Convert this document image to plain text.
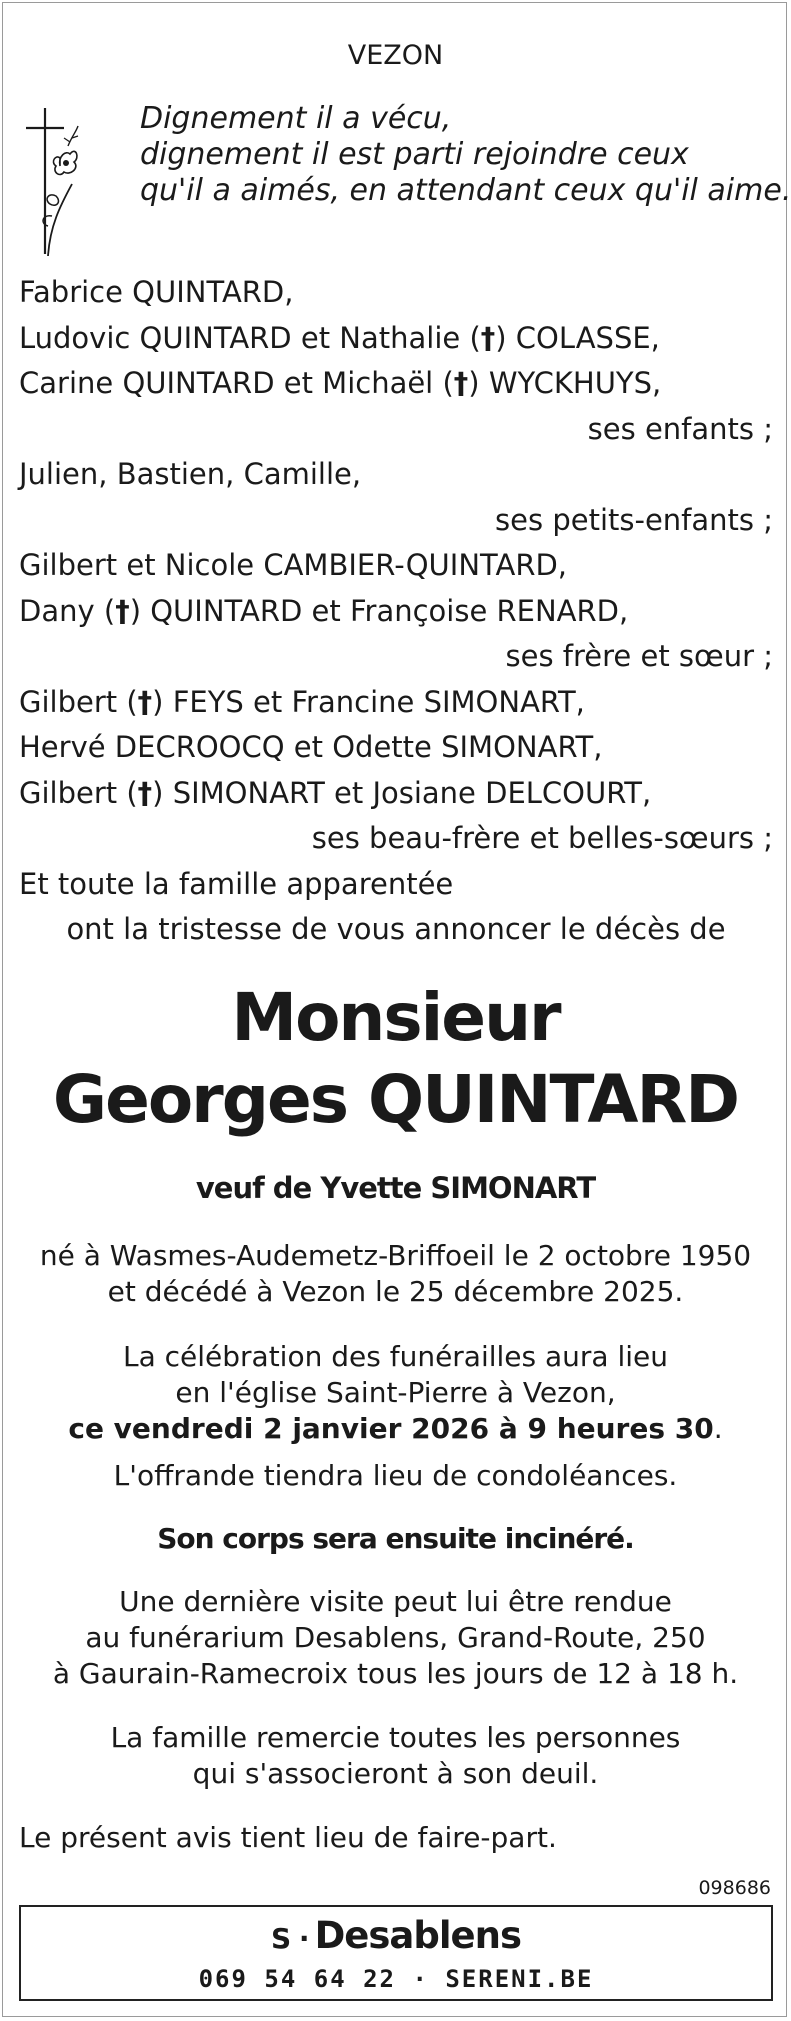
VEZON
Dignement il a vécu,
dignement il est parti rejoindre ceux
qu'il a aimés, en attendant ceux qu'il aime.
Fabrice QUINTARD,
Ludovic QUINTARD et Nathalie (†) COLASSE,
Carine QUINTARD et Michaël (†) WYCKHUYS,
ses enfants ;
Julien, Bastien, Camille,
ses petits-enfants ;
Gilbert et Nicole CAMBIER-QUINTARD,
Dany (†) QUINTARD et Françoise RENARD,
ses frère et sœur ;
Gilbert (†) FEYS et Francine SIMONART,
Hervé DECROOCQ et Odette SIMONART,
Gilbert (†) SIMONART et Josiane DELCOURT,
ses beau-frère et belles-sœurs ;
Et toute la famille apparentée
ont la tristesse de vous annoncer le décès de
Monsieur
Georges QUINTARD
veuf de Yvette SIMONART
né à Wasmes-Audemetz-Briffoeil le 2 octobre 1950
et décédé à Vezon le 25 décembre 2025.
La célébration des funérailles aura lieu
en l'église Saint-Pierre à Vezon,
ce vendredi 2 janvier 2026 à 9 heures 30.
L'offrande tiendra lieu de condoléances.
Son corps sera ensuite incinéré.
Une dernière visite peut lui être rendue
au funérarium Desablens, Grand-Route, 250
à Gaurain-Ramecroix tous les jours de 12 à 18 h.
La famille remercie toutes les personnes
qui s'associeront à son deuil.
Le présent avis tient lieu de faire-part.
098686
S · Desablens
069 54 64 22 · SERENI.BE
